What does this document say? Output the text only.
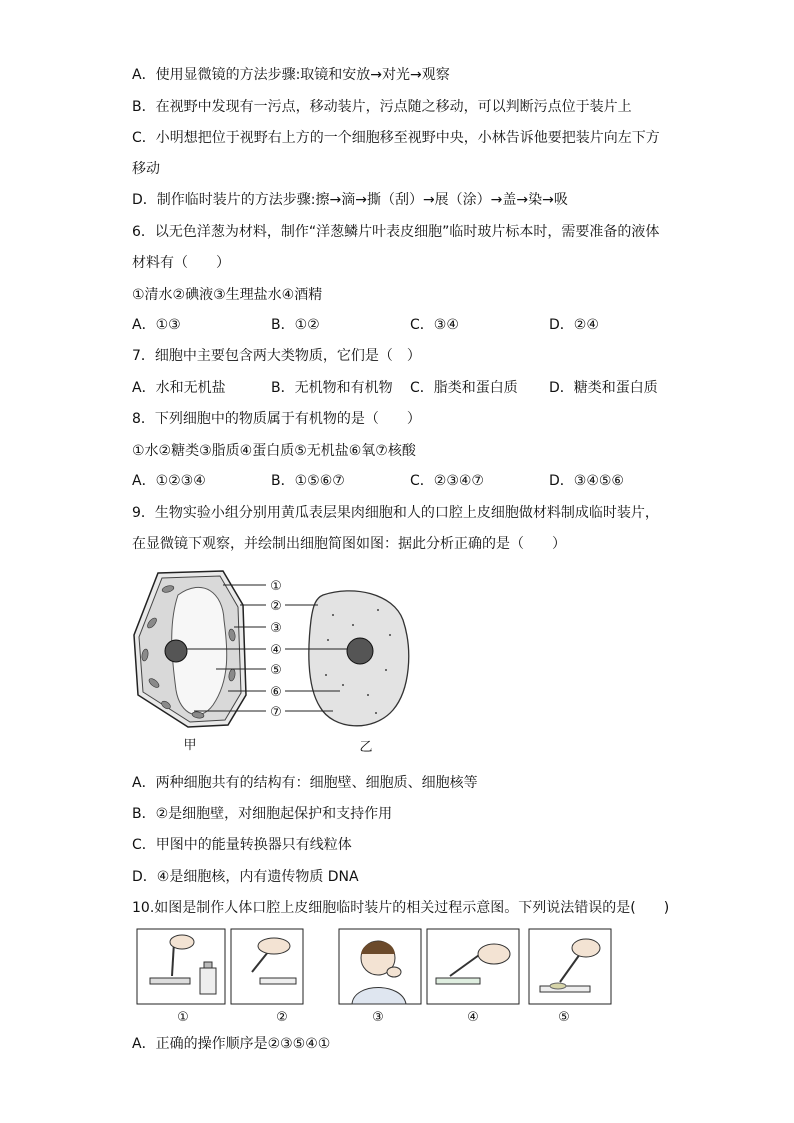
A．使用显微镜的方法步骤:取镜和安放→对光→观察
B．在视野中发现有一污点，移动装片，污点随之移动，可以判断污点位于装片上
C．小明想把位于视野右上方的一个细胞移至视野中央，小林告诉他要把装片向左下方
移动
D．制作临时装片的方法步骤:擦→滴→撕（刮）→展（涂）→盖→染→吸
6．以无色洋葱为材料，制作“洋葱鳞片叶表皮细胞”临时玻片标本时，需要准备的液体
材料有（　　）
①清水②碘液③生理盐水④酒精
A．①③	B．①②	C．③④	D．②④
7．细胞中主要包含两大类物质，它们是（　）
A．水和无机盐	B．无机物和有机物 C．脂类和蛋白质 D．糖类和蛋白质
8．下列细胞中的物质属于有机物的是（　　）
①水②糖类③脂质④蛋白质⑤无机盐⑥氧⑦核酸
A．①②③④	B．①⑤⑥⑦	C．②③④⑦	D．③④⑤⑥
9．生物实验小组分别用黄瓜表层果肉细胞和人的口腔上皮细胞做材料制成临时装片，
在显微镜下观察，并绘制出细胞简图如图：据此分析正确的是（　　）
①
②
③
④
⑤
⑥
⑦
甲	乙
A．两种细胞共有的结构有：细胞壁、细胞质、细胞核等
B．②是细胞壁，对细胞起保护和支持作用
C．甲图中的能量转换器只有线粒体
D．④是细胞核，内有遗传物质 DNA
10.如图是制作人体口腔上皮细胞临时装片的相关过程示意图。下列说法错误的是(　　)
①	②	③	④	⑤
A．正确的操作顺序是②③⑤④①
